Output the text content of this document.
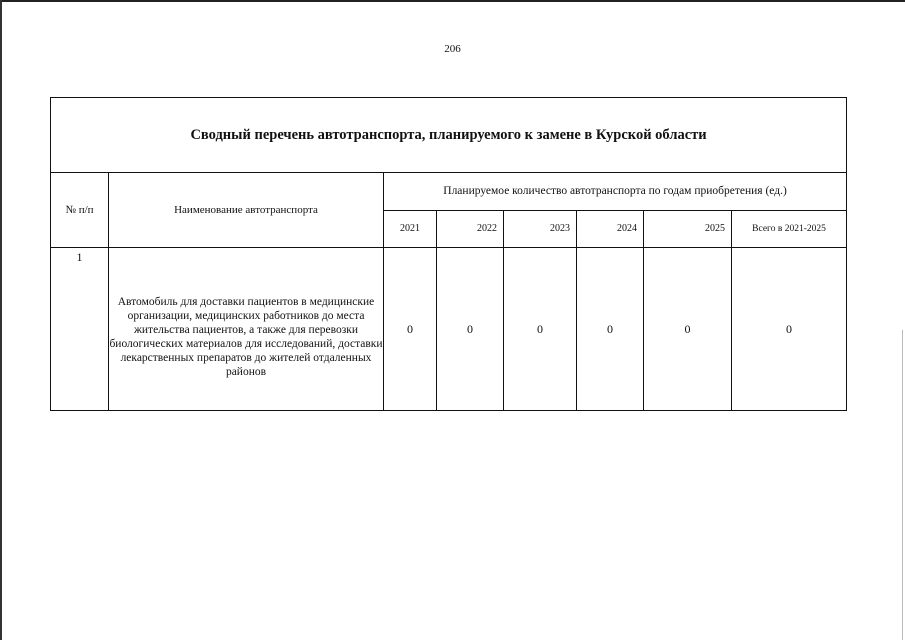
206
Сводный перечень автотранспорта, планируемого к замене в Курской области							
№ п/п	Наименование автотранспорта	Планируемое количество автотранспорта по годам приобретения (ед.)					
		2021	2022	2023	2024	2025	Всего в 2021-2025

1	Автомобиль для доставки пациентов в медицинские организации, медицинских работников до места жительства пациентов, а также для перевозки биологических материалов для исследований, доставки лекарственных препаратов до жителей отдаленных районов	0	0	0	0	0	0
